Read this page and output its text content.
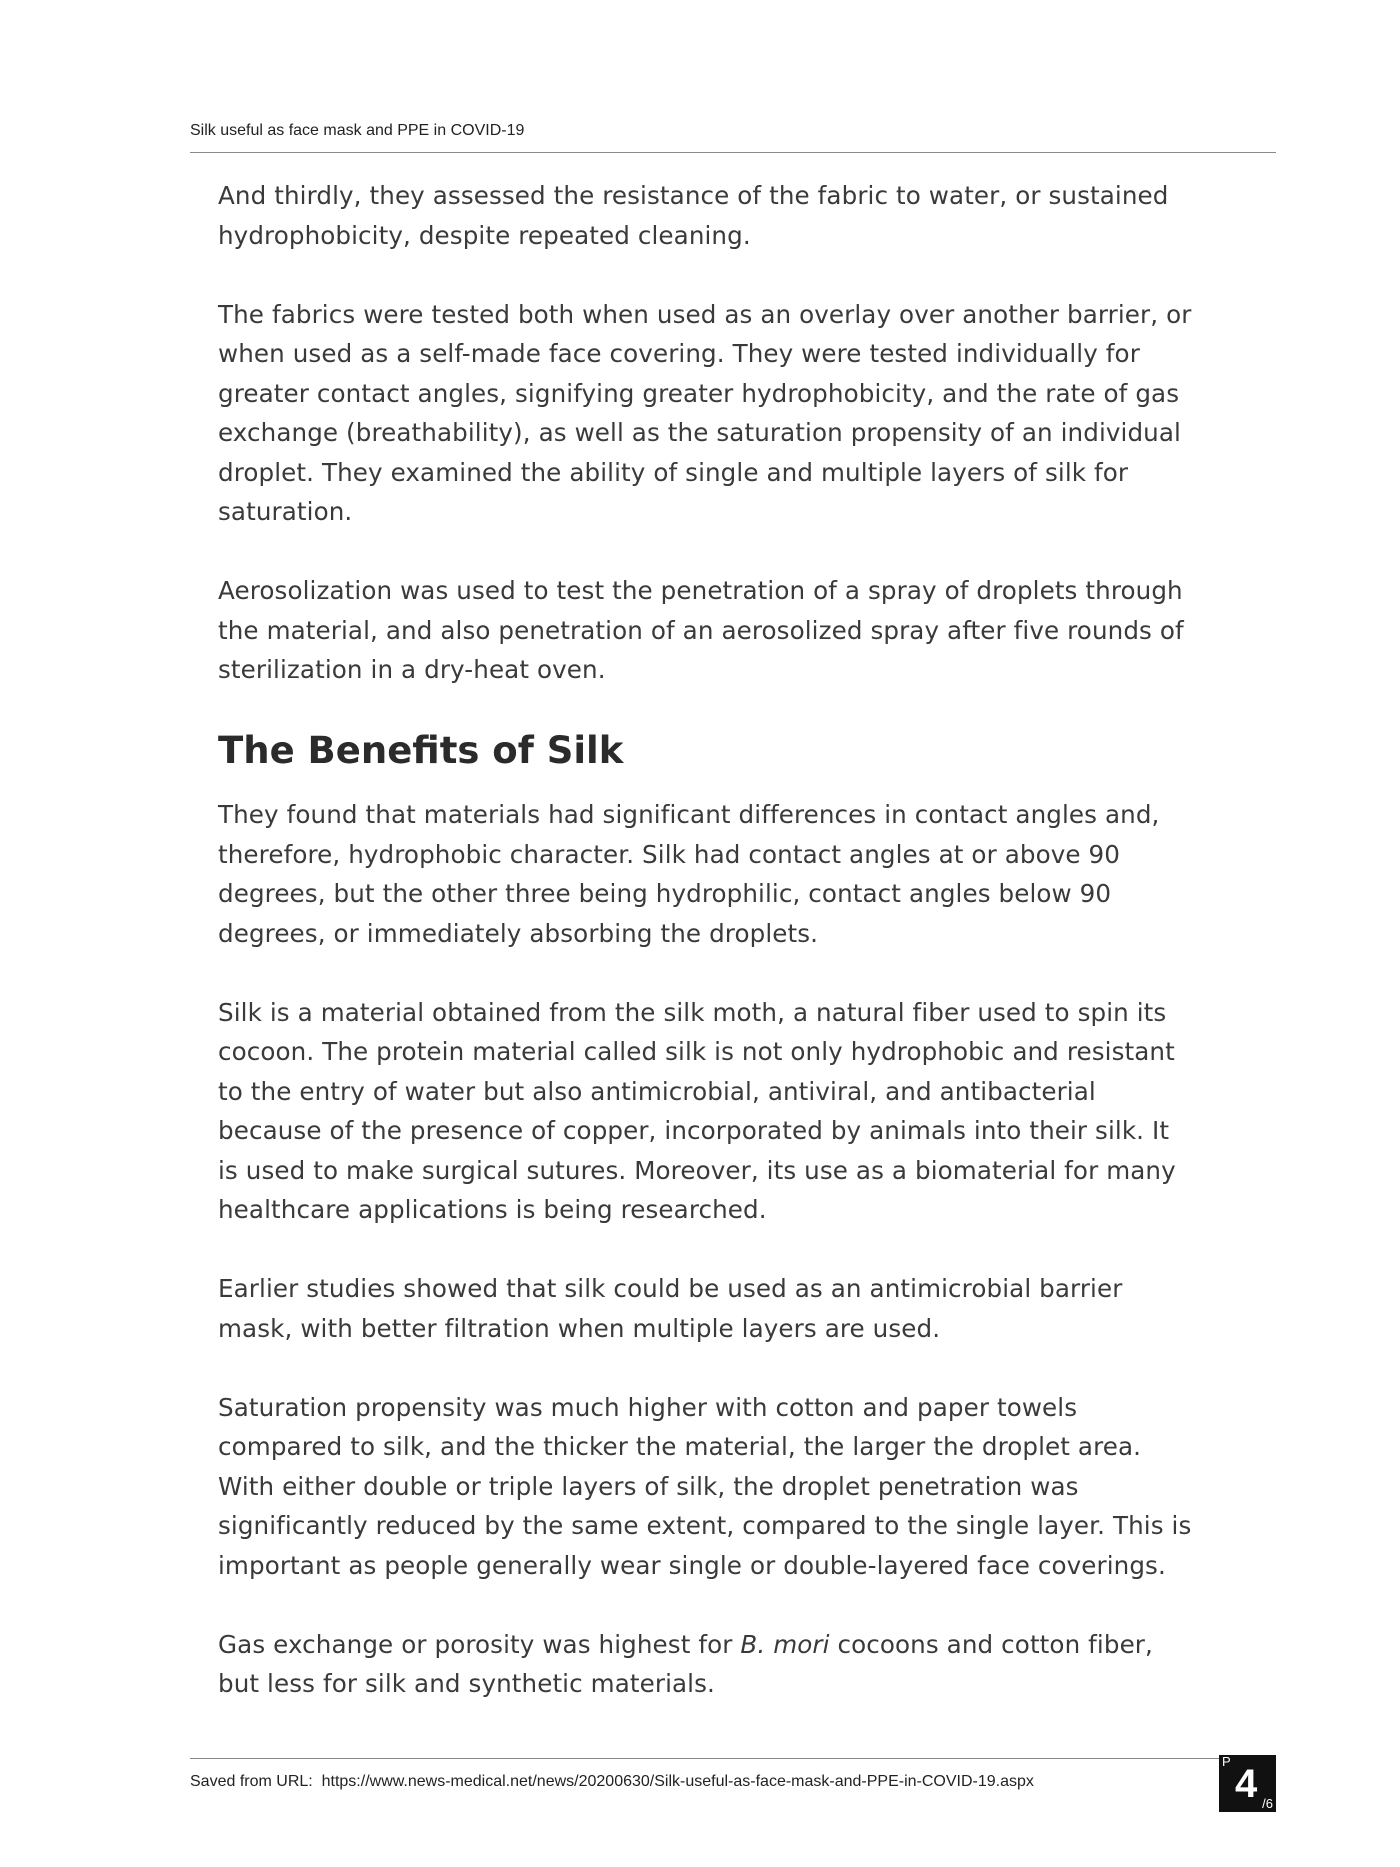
Silk useful as face mask and PPE in COVID-19

And thirdly, they assessed the resistance of the fabric to water, or sustained
hydrophobicity, despite repeated cleaning.

The fabrics were tested both when used as an overlay over another barrier, or
when used as a self-made face covering. They were tested individually for
greater contact angles, signifying greater hydrophobicity, and the rate of gas
exchange (breathability), as well as the saturation propensity of an individual
droplet. They examined the ability of single and multiple layers of silk for
saturation.

Aerosolization was used to test the penetration of a spray of droplets through
the material, and also penetration of an aerosolized spray after five rounds of
sterilization in a dry-heat oven.

The Benefits of Silk

They found that materials had significant differences in contact angles and,
therefore, hydrophobic character. Silk had contact angles at or above 90
degrees, but the other three being hydrophilic, contact angles below 90
degrees, or immediately absorbing the droplets.

Silk is a material obtained from the silk moth, a natural fiber used to spin its
cocoon. The protein material called silk is not only hydrophobic and resistant
to the entry of water but also antimicrobial, antiviral, and antibacterial
because of the presence of copper, incorporated by animals into their silk. It
is used to make surgical sutures. Moreover, its use as a biomaterial for many
healthcare applications is being researched.

Earlier studies showed that silk could be used as an antimicrobial barrier
mask, with better filtration when multiple layers are used.

Saturation propensity was much higher with cotton and paper towels
compared to silk, and the thicker the material, the larger the droplet area.
With either double or triple layers of silk, the droplet penetration was
significantly reduced by the same extent, compared to the single layer. This is
important as people generally wear single or double-layered face coverings.

Gas exchange or porosity was highest for B. mori cocoons and cotton fiber,
but less for silk and synthetic materials.

Saved from URL: https://www.news-medical.net/news/20200630/Silk-useful-as-face-mask-and-PPE-in-COVID-19.aspx
P
4 /6
